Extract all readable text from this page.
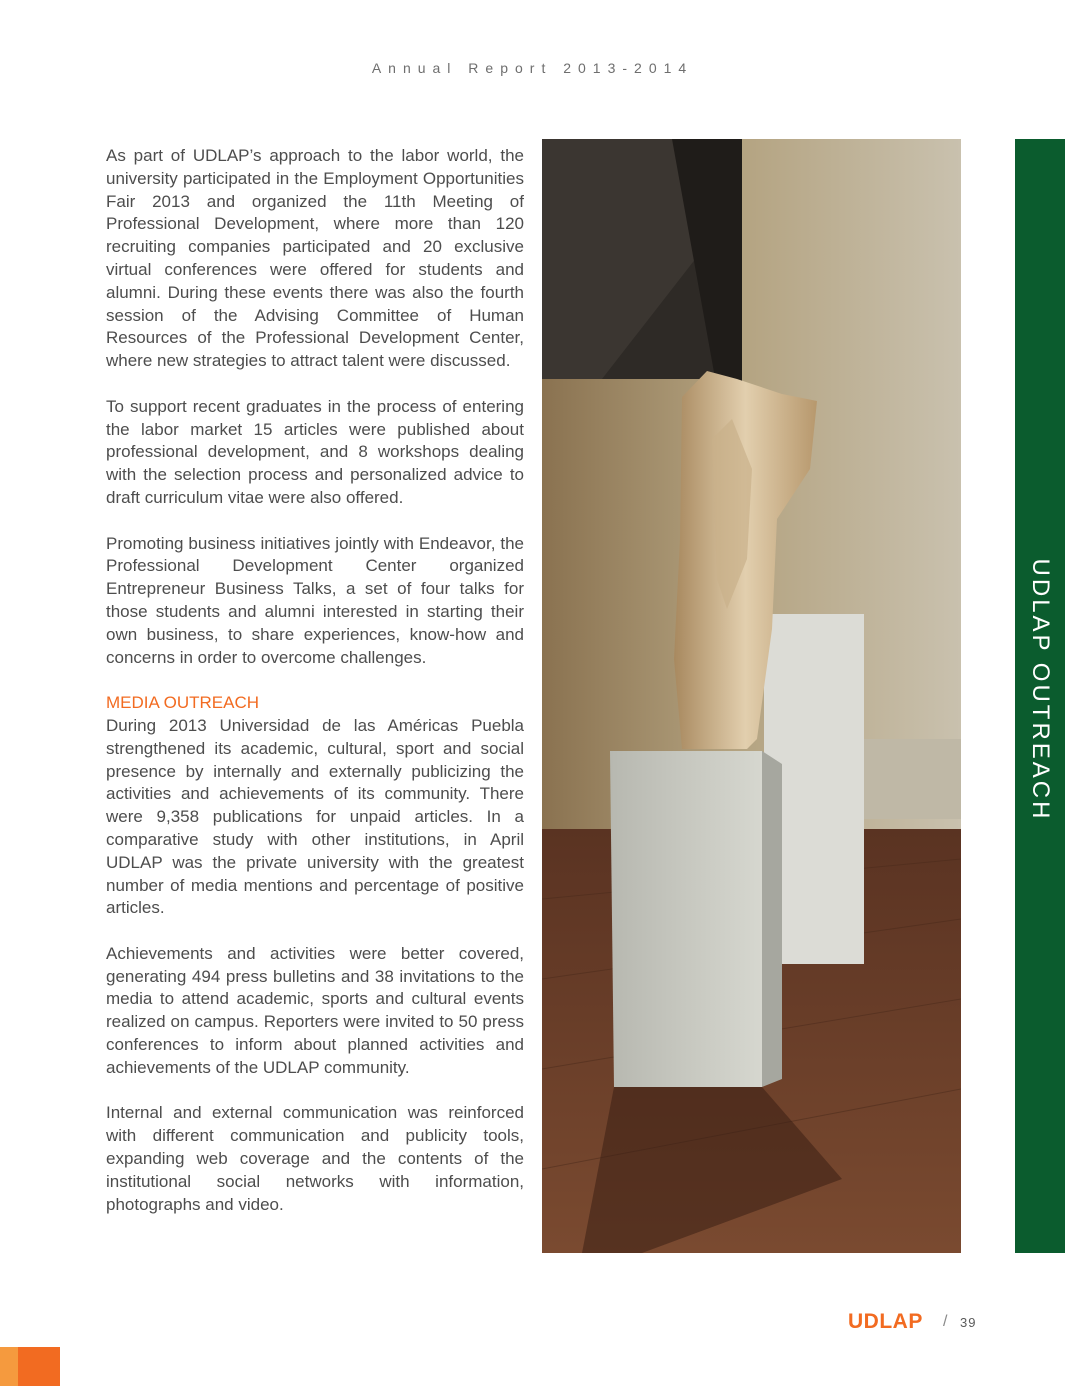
Annual Report 2013-2014

As part of UDLAP’s approach to the labor world, the university participated in the Employment Opportunities Fair 2013 and organized the 11th Meeting of Professional Development, where more than 120 recruiting companies participated and 20 exclusive virtual conferences were offered for students and alumni. During these events there was also the fourth session of the Advising Committee of Human Resources of the Professional Development Center, where new strategies to attract talent were discussed.

To support recent graduates in the process of entering the labor market 15 articles were published about professional development, and 8 workshops dealing with the selection process and personalized advice to draft curriculum vitae were also offered.

Promoting business initiatives jointly with Endeavor, the Professional Development Center organized Entrepreneur Business Talks, a set of four talks for those students and alumni interested in starting their own business, to share experiences, know-how and concerns in order to overcome challenges.

MEDIA OUTREACH

During 2013 Universidad de las Américas Puebla strengthened its academic, cultural, sport and social presence by internally and externally publicizing the activities and achievements of its community. There were 9,358 publications for unpaid articles. In a comparative study with other institutions, in April UDLAP was the private university with the greatest number of media mentions and percentage of positive articles.

Achievements and activities were better covered, generating 494 press bulletins and 38 invitations to the media to attend academic, sports and cultural events realized on campus. Reporters were invited to 50 press conferences to inform about planned activities and achievements of the UDLAP community.

Internal and external communication was reinforced with different communication and publicity tools, expanding web coverage and the contents of the institutional social networks with information, photographs and video.

UDLAP OUTREACH
UDLAP / 39
